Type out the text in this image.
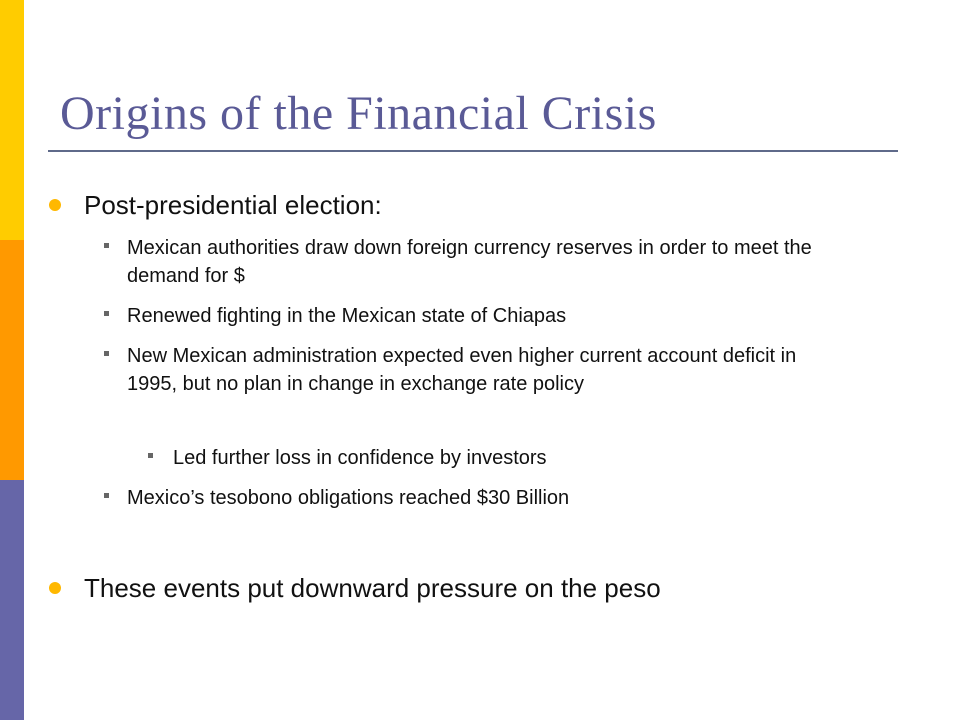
Origins of the Financial Crisis
Post-presidential election:
Mexican authorities draw down foreign currency reserves in order to meet the demand for $
Renewed fighting in the Mexican state of Chiapas
New Mexican administration expected even higher current account deficit in 1995, but no plan in change in exchange rate policy
Led further loss in confidence by investors
Mexico’s tesobono obligations reached $30 Billion
These events put downward pressure on the peso
